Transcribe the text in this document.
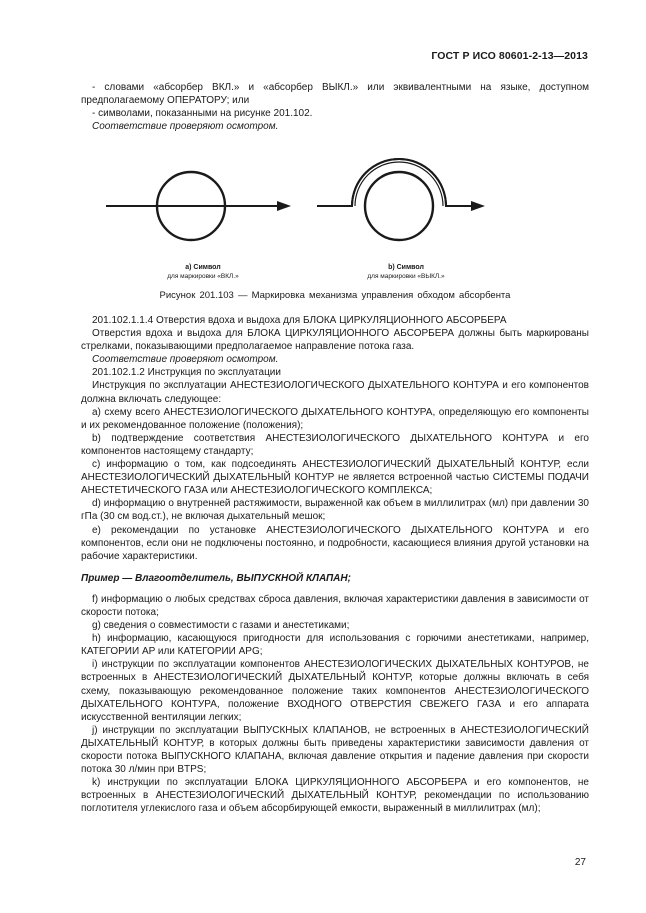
ГОСТ Р ИСО 80601-2-13—2013

- словами «абсорбер ВКЛ.» и «абсорбер ВЫКЛ.» или эквивалентными на языке, доступном предполагаемому ОПЕРАТОРУ; или

- символами, показанными на рисунке 201.102.

Соответствие проверяют осмотром.

a) Символ
для маркировки «ВКЛ.»
b) Символ
для маркировки «ВЫКЛ.»
Рисунок 201.103 — Маркировка механизма управления обходом абсорбента

201.102.1.1.4 Отверстия вдоха и выдоха для БЛОКА ЦИРКУЛЯЦИОННОГО АБСОРБЕРА

Отверстия вдоха и выдоха для БЛОКА ЦИРКУЛЯЦИОННОГО АБСОРБЕРА должны быть маркированы стрелками, показывающими предполагаемое направление потока газа.

Соответствие проверяют осмотром.

201.102.1.2 Инструкция по эксплуатации

Инструкция по эксплуатации АНЕСТЕЗИОЛОГИЧЕСКОГО ДЫХАТЕЛЬНОГО КОНТУРА и его компонентов должна включать следующее:

a) схему всего АНЕСТЕЗИОЛОГИЧЕСКОГО ДЫХАТЕЛЬНОГО КОНТУРА, определяющую его компоненты и их рекомендованное положение (положения);

b) подтверждение соответствия АНЕСТЕЗИОЛОГИЧЕСКОГО ДЫХАТЕЛЬНОГО КОНТУРА и его компонентов настоящему стандарту;

c) информацию о том, как подсоединять АНЕСТЕЗИОЛОГИЧЕСКИЙ ДЫХАТЕЛЬНЫЙ КОНТУР, если АНЕСТЕЗИОЛОГИЧЕСКИЙ ДЫХАТЕЛЬНЫЙ КОНТУР не является встроенной частью СИСТЕМЫ ПОДАЧИ АНЕСТЕТИЧЕСКОГО ГАЗА или АНЕСТЕЗИОЛОГИЧЕСКОГО КОМПЛЕКСА;

d) информацию о внутренней растяжимости, выраженной как объем в миллилитрах (мл) при давлении 30 гПа (30 см вод.ст.), не включая дыхательный мешок;

e) рекомендации по установке АНЕСТЕЗИОЛОГИЧЕСКОГО ДЫХАТЕЛЬНОГО КОНТУРА и его компонентов, если они не подключены постоянно, и подробности, касающиеся влияния другой установки на рабочие характеристики.

Пример — Влагоотделитель, ВЫПУСКНОЙ КЛАПАН;

f) информацию о любых средствах сброса давления, включая характеристики давления в зависимости от скорости потока;

g) сведения о совместимости с газами и анестетиками;

h) информацию, касающуюся пригодности для использования с горючими анестетиками, например, КАТЕГОРИИ AP или КАТЕГОРИИ APG;

i) инструкции по эксплуатации компонентов АНЕСТЕЗИОЛОГИЧЕСКИХ ДЫХАТЕЛЬНЫХ КОНТУРОВ, не встроенных в АНЕСТЕЗИОЛОГИЧЕСКИЙ ДЫХАТЕЛЬНЫЙ КОНТУР, которые должны включать в себя схему, показывающую рекомендованное положение таких компонентов АНЕСТЕЗИОЛОГИЧЕСКОГО ДЫХАТЕЛЬНОГО КОНТУРА, положение ВХОДНОГО ОТВЕРСТИЯ СВЕЖЕГО ГАЗА и его аппарата искусственной вентиляции легких;

j) инструкции по эксплуатации ВЫПУСКНЫХ КЛАПАНОВ, не встроенных в АНЕСТЕЗИОЛОГИЧЕСКИЙ ДЫХАТЕЛЬНЫЙ КОНТУР, в которых должны быть приведены характеристики зависимости давления от скорости потока ВЫПУСКНОГО КЛАПАНА, включая давление открытия и падение давления при скорости потока 30 л/мин при BTPS;

k) инструкции по эксплуатации БЛОКА ЦИРКУЛЯЦИОННОГО АБСОРБЕРА и его компонентов, не встроенных в АНЕСТЕЗИОЛОГИЧЕСКИЙ ДЫХАТЕЛЬНЫЙ КОНТУР, рекомендации по использованию поглотителя углекислого газа и объем абсорбирующей емкости, выраженный в миллилитрах (мл);

27
